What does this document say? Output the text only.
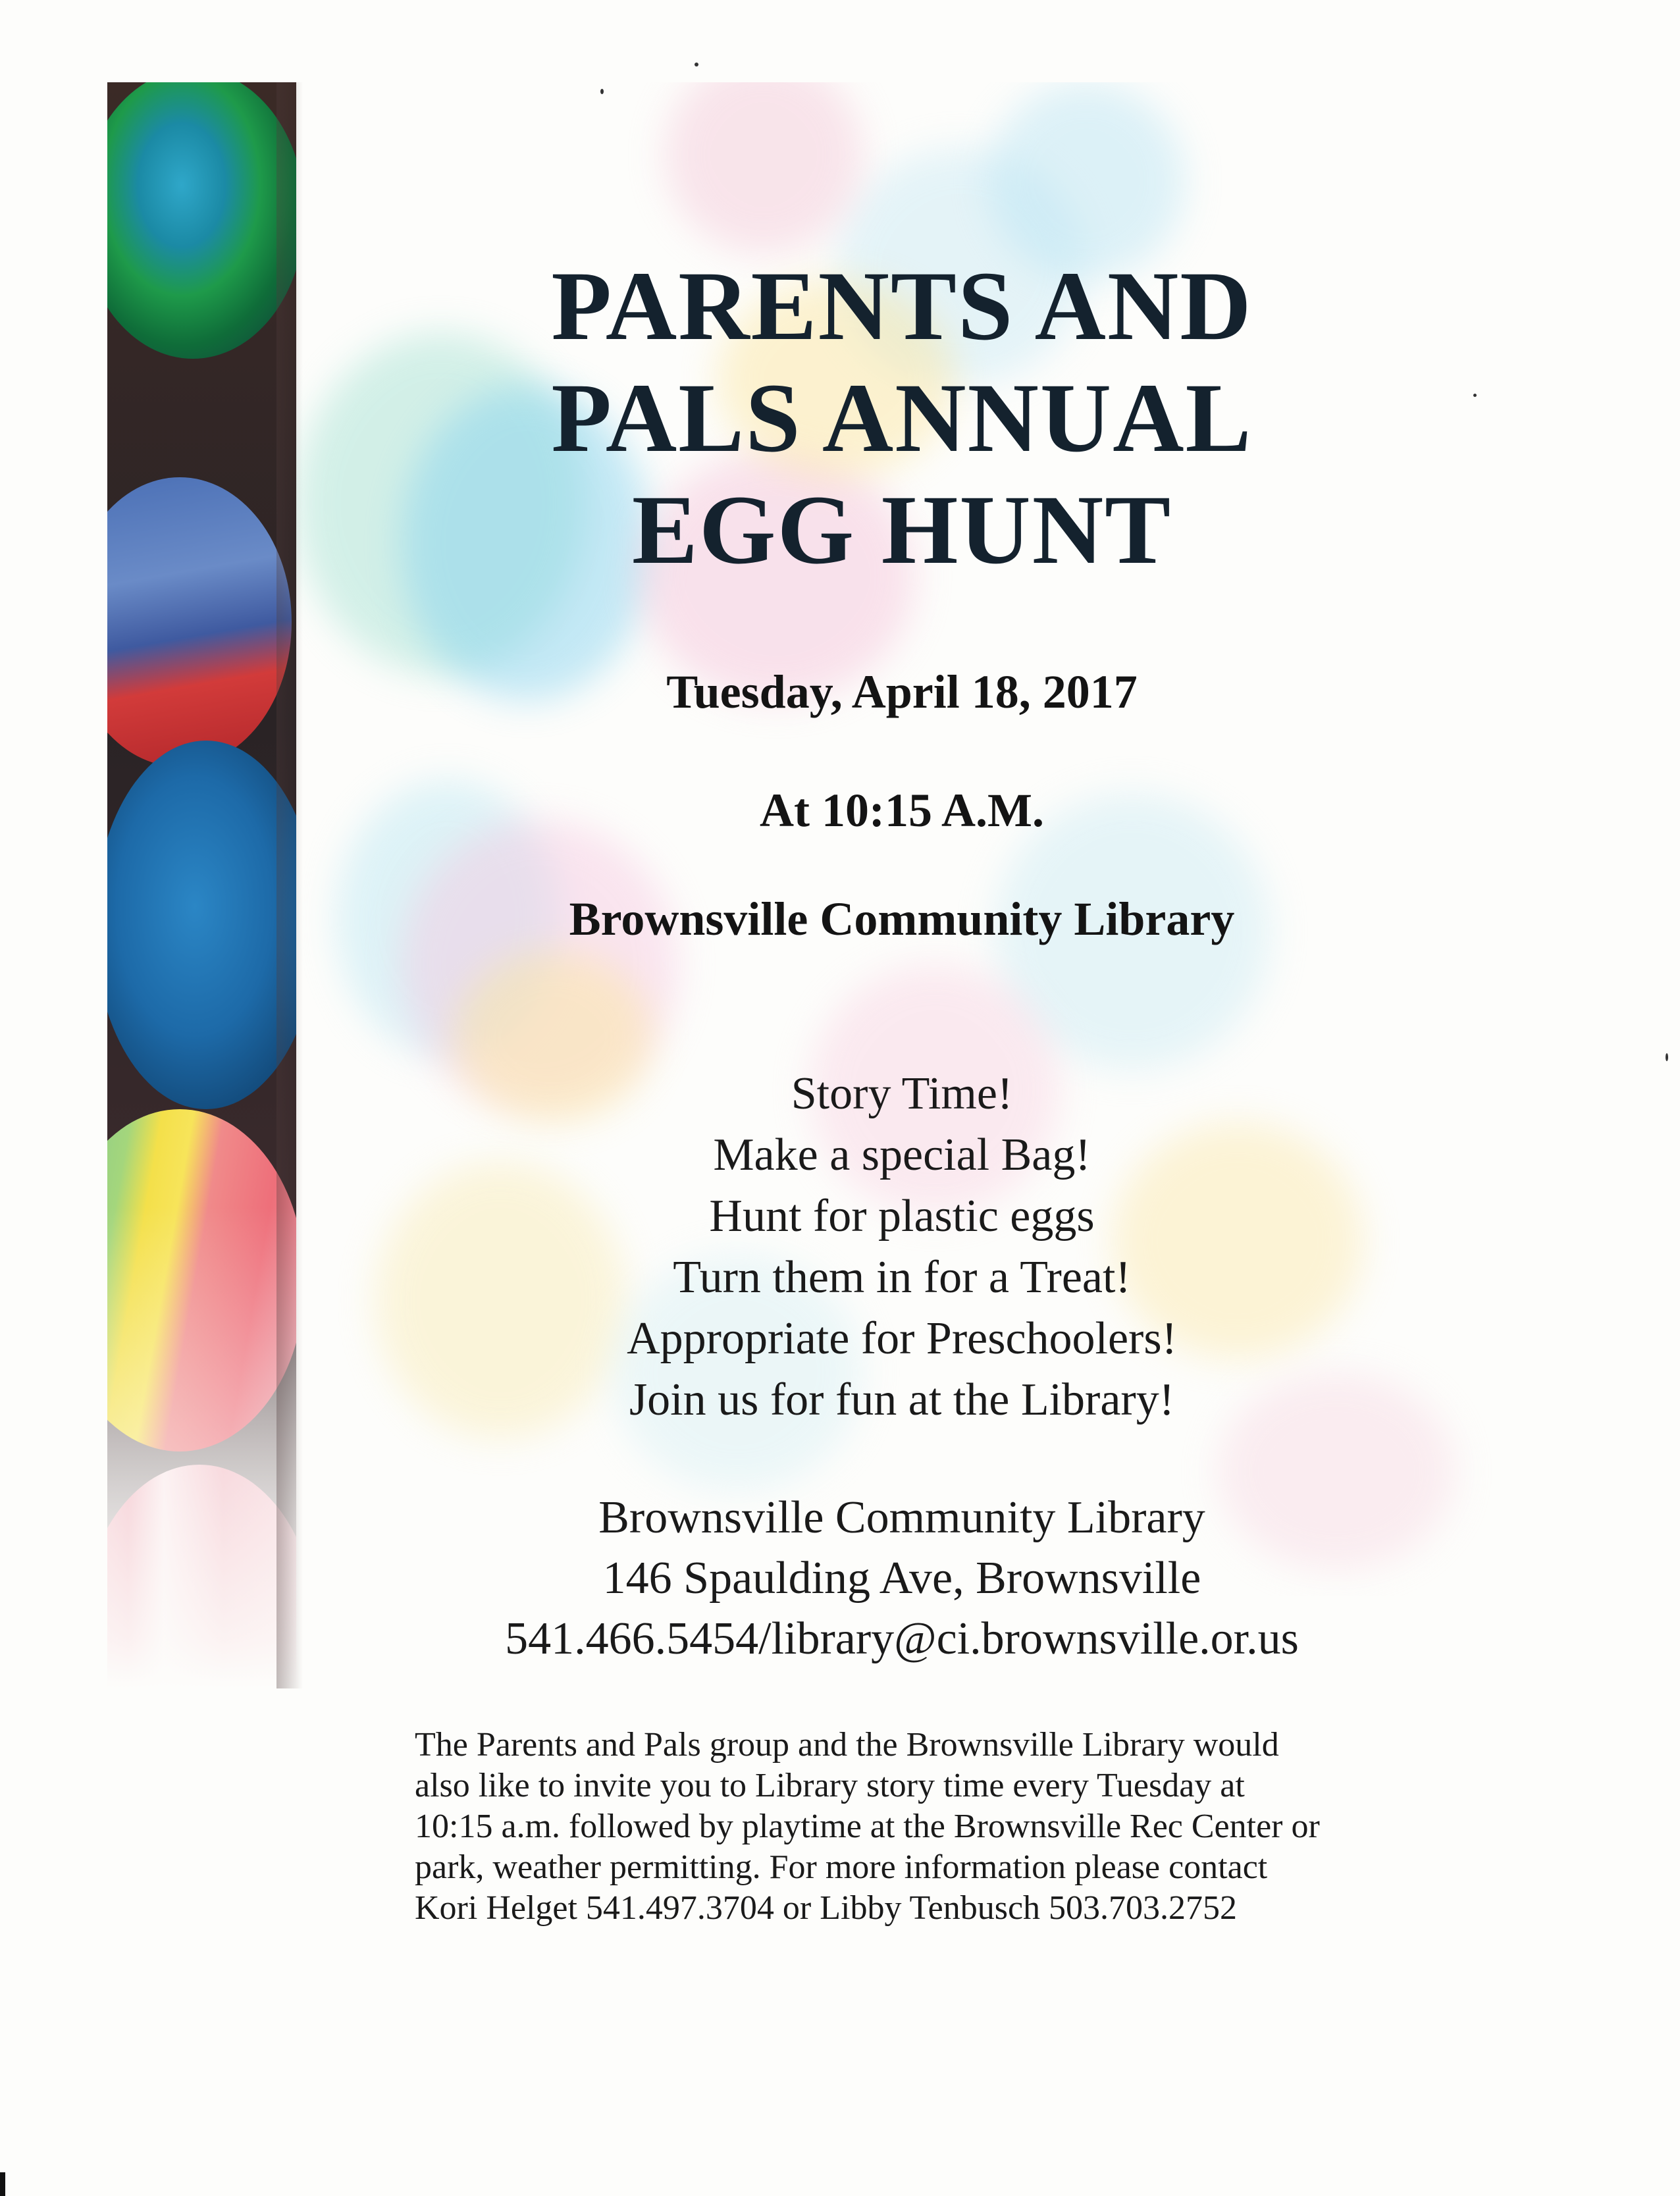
PARENTS AND
PALS ANNUAL
EGG HUNT
Tuesday, April 18, 2017
At 10:15 A.M.
Brownsville Community Library
Story Time!
Make a special Bag!
Hunt for plastic eggs
Turn them in for a Treat!
Appropriate for Preschoolers!
Join us for fun at the Library!
Brownsville Community Library
146 Spaulding Ave, Brownsville
541.466.5454/library@ci.brownsville.or.us

The Parents and Pals group and the Brownsville Library would
also like to invite you to Library story time every Tuesday at
10:15 a.m. followed by playtime at the Brownsville Rec Center or
park, weather permitting. For more information please contact
Kori Helget 541.497.3704 or Libby Tenbusch 503.703.2752
